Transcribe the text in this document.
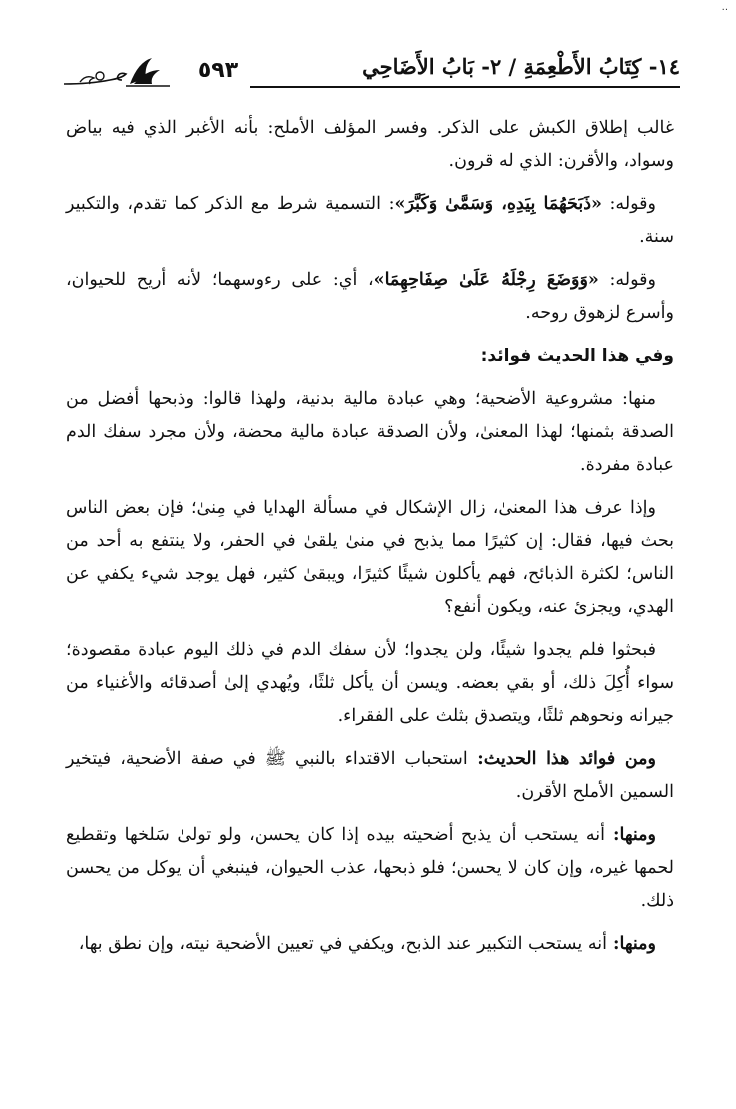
..
٥٩٣	١٤- كِتَابُ الأَطْعِمَةِ / ٢- بَابُ الأَضَاحِي

غالب إطلاق الكبش على الذكر. وفسر المؤلف الأملح: بأنه الأغبر الذي فيه بياض وسواد، والأقرن: الذي له قرون.

وقوله: «ذَبَحَهُمَا بِيَدِهِ، وَسَمَّىٰ وَكَبَّرَ»: التسمية شرط مع الذكر كما تقدم، والتكبير سنة.

وقوله: «وَوَضَعَ رِجْلَهُ عَلَىٰ صِفَاحِهِمَا»، أي: على رءوسهما؛ لأنه أريح للحيوان، وأسرع لزهوق روحه.

وفي هذا الحديث فوائد:

منها: مشروعية الأضحية؛ وهي عبادة مالية بدنية، ولهذا قالوا: وذبحها أفضل من الصدقة بثمنها؛ لهذا المعنىٰ، ولأن الصدقة عبادة مالية محضة، ولأن مجرد سفك الدم عبادة مفردة.

وإذا عرف هذا المعنىٰ، زال الإشكال في مسألة الهدايا في مِنىٰ؛ فإن بعض الناس بحث فيها، فقال: إن كثيرًا مما يذبح في منىٰ يلقىٰ في الحفر، ولا ينتفع به أحد من الناس؛ لكثرة الذبائح، فهم يأكلون شيئًا كثيرًا، ويبقىٰ كثير، فهل يوجد شيء يكفي عن الهدي، ويجزئ عنه، ويكون أنفع؟

فبحثوا فلم يجدوا شيئًا، ولن يجدوا؛ لأن سفك الدم في ذلك اليوم عبادة مقصودة؛ سواء أُكِلَ ذلك، أو بقي بعضه. ويسن أن يأكل ثلثًا، ويُهدي إلىٰ أصدقائه والأغنياء من جيرانه ونحوهم ثلثًا، ويتصدق بثلث على الفقراء.

ومن فوائد هذا الحديث: استحباب الاقتداء بالنبي ﷺ في صفة الأضحية، فيتخير السمين الأملح الأقرن.

ومنها: أنه يستحب أن يذبح أضحيته بيده إذا كان يحسن، ولو تولىٰ سَلخها وتقطيع لحمها غيره، وإن كان لا يحسن؛ فلو ذبحها، عذب الحيوان، فينبغي أن يوكل من يحسن ذلك.

ومنها: أنه يستحب التكبير عند الذبح، ويكفي في تعيين الأضحية نيته، وإن نطق بها،
